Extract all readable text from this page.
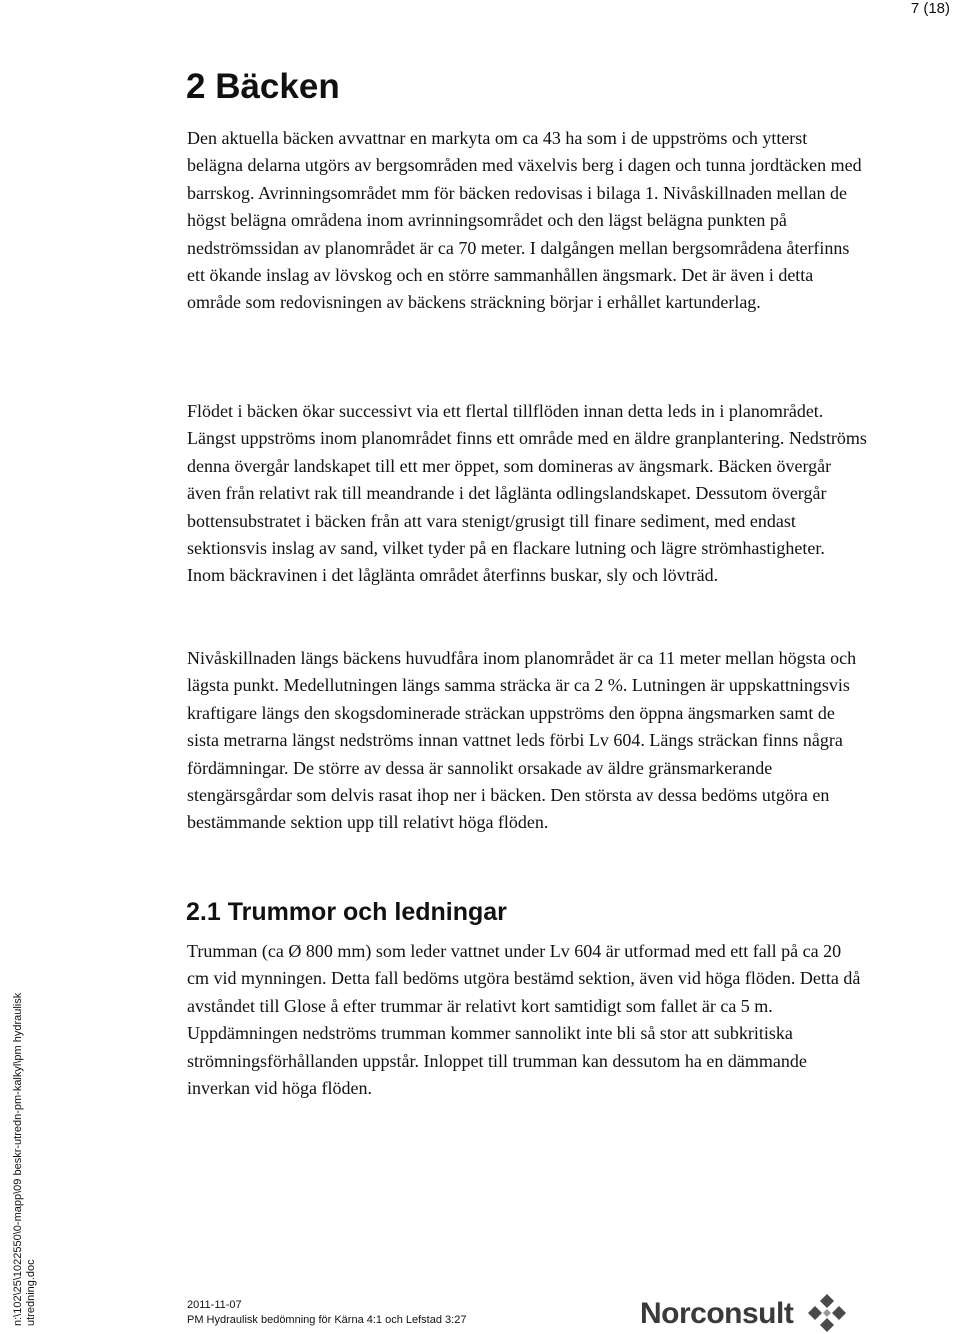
7 (18)
2 Bäcken

Den aktuella bäcken avvattnar en markyta om ca 43 ha som i de uppströms och ytterst belägna delarna utgörs av bergsområden med växelvis berg i dagen och tunna jordtäcken med barrskog. Avrinningsområdet mm för bäcken redovisas i bilaga 1. Nivåskillnaden mellan de högst belägna områdena inom avrinningsområdet och den lägst belägna punkten på nedströmssidan av planområdet är ca 70 meter. I dalgången mellan bergsområdena återfinns ett ökande inslag av lövskog och en större sammanhållen ängsmark. Det är även i detta område som redovisningen av bäckens sträckning börjar i erhållet kartunderlag.

Flödet i bäcken ökar successivt via ett flertal tillflöden innan detta leds in i planområdet. Längst uppströms inom planområdet finns ett område med en äldre granplantering. Nedströms denna övergår landskapet till ett mer öppet, som domineras av ängsmark. Bäcken övergår även från relativt rak till meandrande i det låglänta odlingslandskapet. Dessutom övergår bottensubstratet i bäcken från att vara stenigt/grusigt till finare sediment, med endast sektionsvis inslag av sand, vilket tyder på en flackare lutning och lägre strömhastigheter. Inom bäckravinen i det låglänta området återfinns buskar, sly och lövträd.

Nivåskillnaden längs bäckens huvudfåra inom planområdet är ca 11 meter mellan högsta och lägsta punkt. Medellutningen längs samma sträcka är ca 2 %. Lutningen är uppskattningsvis kraftigare längs den skogsdominerade sträckan uppströms den öppna ängsmarken samt de sista metrarna längst nedströms innan vattnet leds förbi Lv 604. Längs sträckan finns några fördämningar. De större av dessa är sannolikt orsakade av äldre gränsmarkerande stengärsgårdar som delvis rasat ihop ner i bäcken. Den största av dessa bedöms utgöra en bestämmande sektion upp till relativt höga flöden.

2.1 Trummor och ledningar

Trumman (ca Ø 800 mm) som leder vattnet under Lv 604 är utformad med ett fall på ca 20 cm vid mynningen. Detta fall bedöms utgöra bestämd sektion, även vid höga flöden. Detta då avståndet till Glose å efter trummar är relativt kort samtidigt som fallet är ca 5 m. Uppdämningen nedströms trumman kommer sannolikt inte bli så stor att subkritiska strömningsförhållanden uppstår. Inloppet till trumman kan dessutom ha en dämmande inverkan vid höga flöden.

n:\102\25\1022550\0-mapp\09 beskr-utredn-pm-kalkyl\pm hydraulisk utredning.doc	2011-11-07
PM Hydraulisk bedömning för Kärna 4:1 och Lefstad 3:27	Norconsult
